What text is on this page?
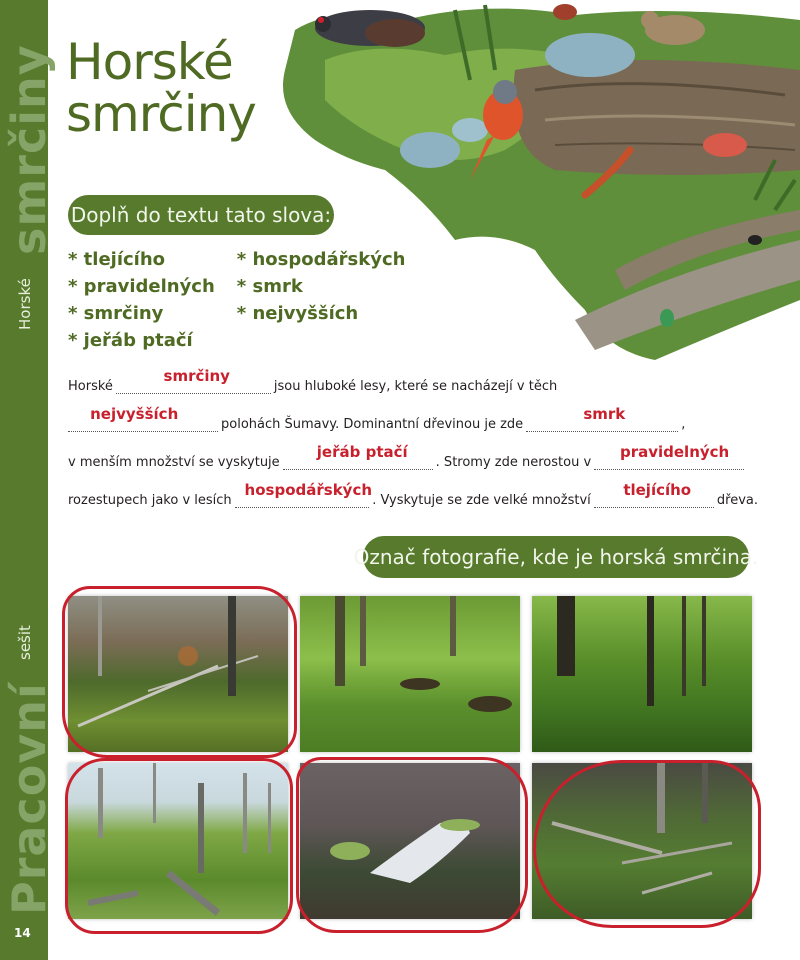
Horské
smrčiny
sešit
Pracovní
14
Horské
smrčiny
Doplň do textu tato slova:
* tlejícího
* pravidelných
* smrčiny
* jeřáb ptačí
* hospodářských
* smrk
* nejvyšších
Horské
smrčiny
jsou hluboké lesy, které se nacházejí v těch
nejvyšších
polohách Šumavy. Dominantní dřevinou je zde
smrk
,
v menším množství se vyskytuje
jeřáb ptačí
. Stromy zde nerostou v
pravidelných
rozestupech jako v lesích
hospodářských
. Vyskytuje se zde velké množství
tlejícího
dřeva.
Označ fotografie, kde je horská smrčina.
